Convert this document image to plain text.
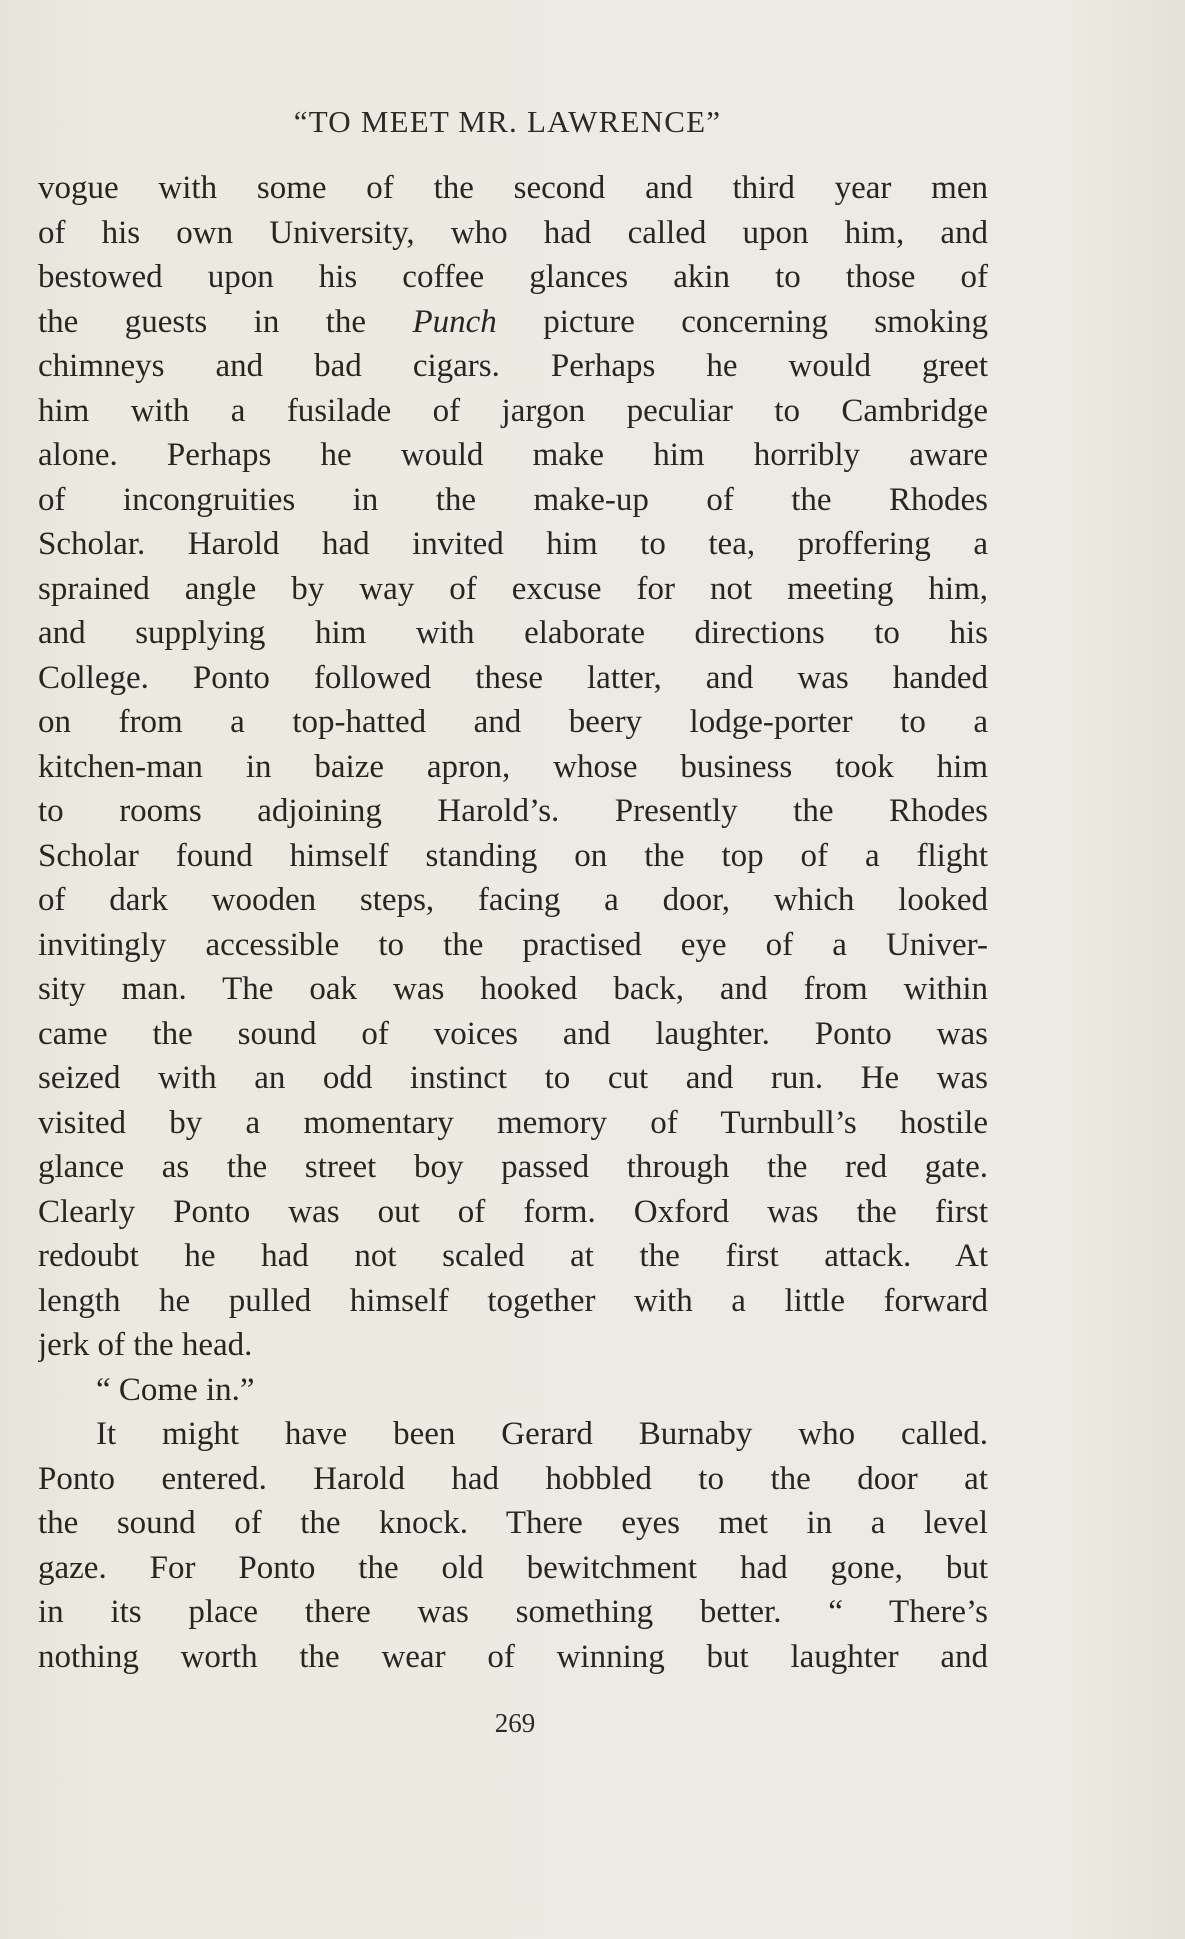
“TO MEET MR. LAWRENCE”
vogue with some of the second and third year men
of his own University, who had called upon him, and
bestowed upon his coffee glances akin to those of
the guests in the Punch picture concerning smoking
chimneys and bad cigars. Perhaps he would greet
him with a fusilade of jargon peculiar to Cambridge
alone. Perhaps he would make him horribly aware
of incongruities in the make-up of the Rhodes
Scholar. Harold had invited him to tea, proffering a
sprained angle by way of excuse for not meeting him,
and supplying him with elaborate directions to his
College. Ponto followed these latter, and was handed
on from a top-hatted and beery lodge-porter to a
kitchen-man in baize apron, whose business took him
to rooms adjoining Harold’s. Presently the Rhodes
Scholar found himself standing on the top of a flight
of dark wooden steps, facing a door, which looked
invitingly accessible to the practised eye of a Univer-
sity man. The oak was hooked back, and from within
came the sound of voices and laughter. Ponto was
seized with an odd instinct to cut and run. He was
visited by a momentary memory of Turnbull’s hostile
glance as the street boy passed through the red gate.
Clearly Ponto was out of form. Oxford was the first
redoubt he had not scaled at the first attack. At
length he pulled himself together with a little forward
jerk of the head.
“ Come in.”
It might have been Gerard Burnaby who called.
Ponto entered. Harold had hobbled to the door at
the sound of the knock. There eyes met in a level
gaze. For Ponto the old bewitchment had gone, but
in its place there was something better. “ There’s
nothing worth the wear of winning but laughter and
269
